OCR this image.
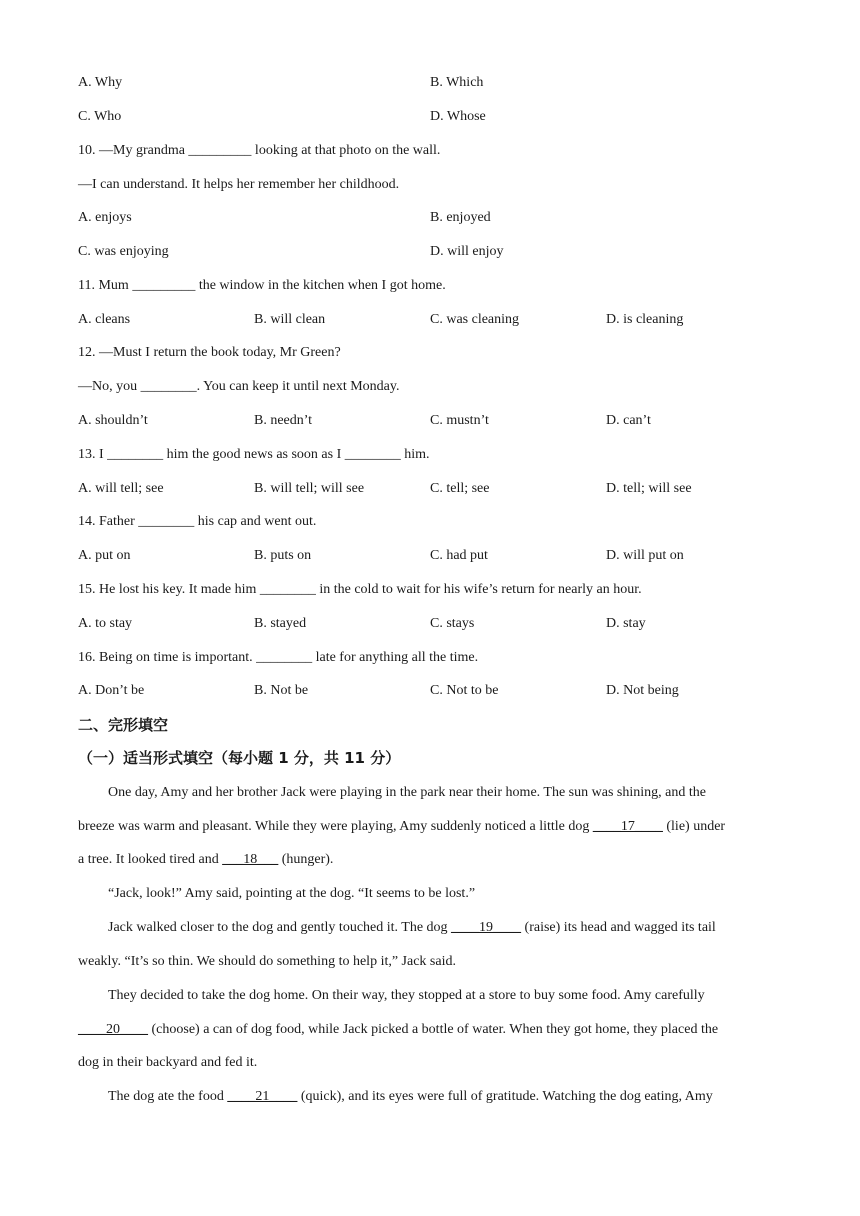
A. Why	B. Which
C. Who	D. Whose
10. —My grandma _________ looking at that photo on the wall.
—I can understand. It helps her remember her childhood.
A. enjoys	B. enjoyed
C. was enjoying	D. will enjoy
11. Mum _________ the window in the kitchen when I got home.
A. cleans	B. will clean	C. was cleaning	D. is cleaning
12. —Must I return the book today, Mr Green?
—No, you ________. You can keep it until next Monday.
A. shouldn’t	B. needn’t	C. mustn’t	D. can’t
13. I ________ him the good news as soon as I ________ him.
A. will tell; see	B. will tell; will see	C. tell; see	D. tell; will see
14. Father ________ his cap and went out.
A. put on	B. puts on	C. had put	D. will put on
15. He lost his key. It made him ________ in the cold to wait for his wife’s return for nearly an hour.
A. to stay	B. stayed	C. stays	D. stay
16. Being on time is important. ________ late for anything all the time.
A. Don’t be	B. Not be	C. Not to be	D. Not being
二、完形填空
（一）适当形式填空（每小题 1 分，共 11 分）
One day, Amy and her brother Jack were playing in the park near their home. The sun was shining, and the
breeze was warm and pleasant. While they were playing, Amy suddenly noticed a little dog ____17____ (lie) under
a tree. It looked tired and ___18___ (hunger).
“Jack, look!” Amy said, pointing at the dog. “It seems to be lost.”
Jack walked closer to the dog and gently touched it. The dog ____19____ (raise) its head and wagged its tail
weakly. “It’s so thin. We should do something to help it,” Jack said.
They decided to take the dog home. On their way, they stopped at a store to buy some food. Amy carefully
____20____ (choose) a can of dog food, while Jack picked a bottle of water. When they got home, they placed the
dog in their backyard and fed it.
The dog ate the food ____21____ (quick), and its eyes were full of gratitude. Watching the dog eating, Amy
